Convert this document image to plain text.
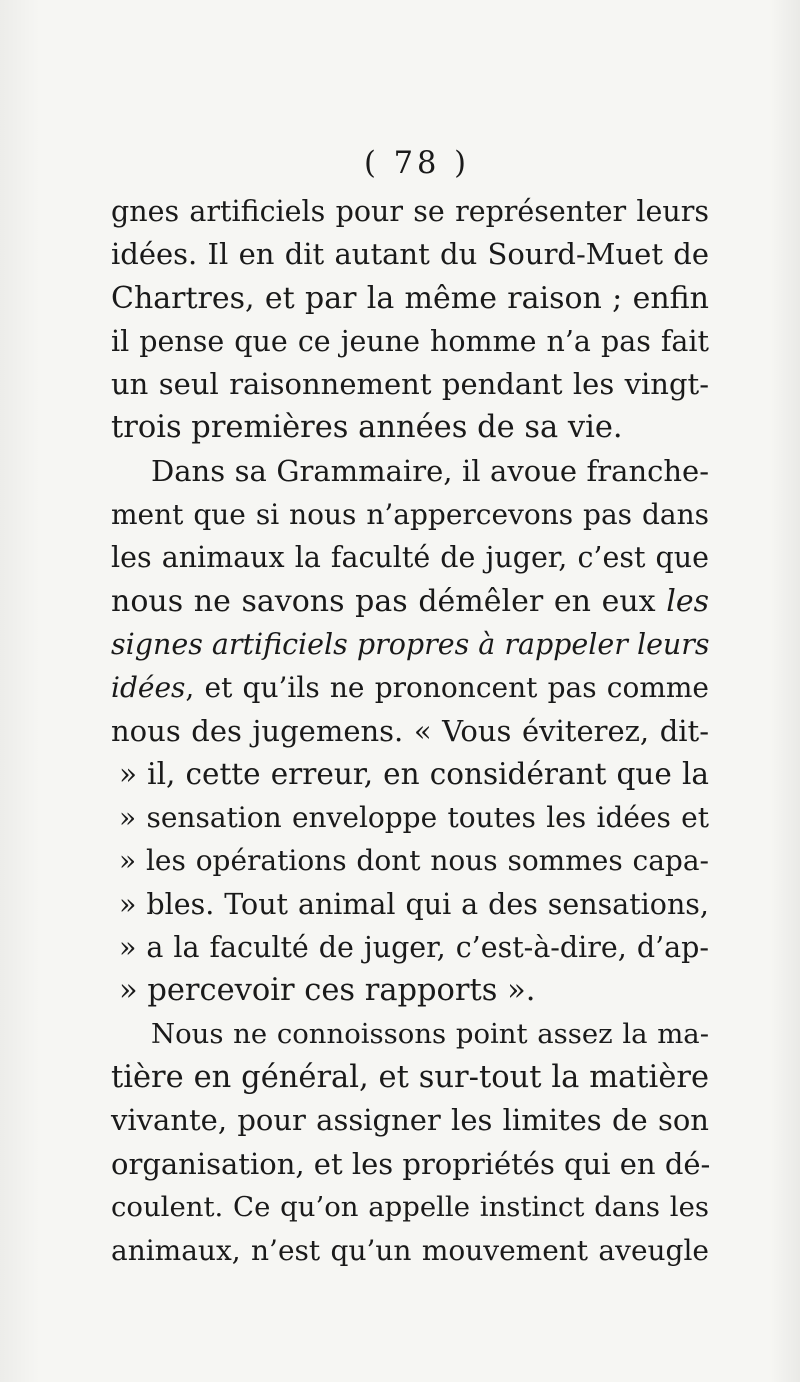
( 78 )
gnes artificiels pour se représenter leurs
idées. Il en dit autant du Sourd-Muet de
Chartres, et par la même raison ; enfin
il pense que ce jeune homme n’a pas fait
un seul raisonnement pendant les vingt-
trois premières années de sa vie.
Dans sa Grammaire, il avoue franche-
ment que si nous n’appercevons pas dans
les animaux la faculté de juger, c’est que
nous ne savons pas démêler en eux les
signes artificiels propres à rappeler leurs
idées, et qu’ils ne prononcent pas comme
nous des jugemens. « Vous éviterez, dit-
» il, cette erreur, en considérant que la
» sensation enveloppe toutes les idées et
» les opérations dont nous sommes capa-
» bles. Tout animal qui a des sensations,
» a la faculté de juger, c’est-à-dire, d’ap-
» percevoir ces rapports ».
Nous ne connoissons point assez la ma-
tière en général, et sur-tout la matière
vivante, pour assigner les limites de son
organisation, et les propriétés qui en dé-
coulent. Ce qu’on appelle instinct dans les
animaux, n’est qu’un mouvement aveugle
